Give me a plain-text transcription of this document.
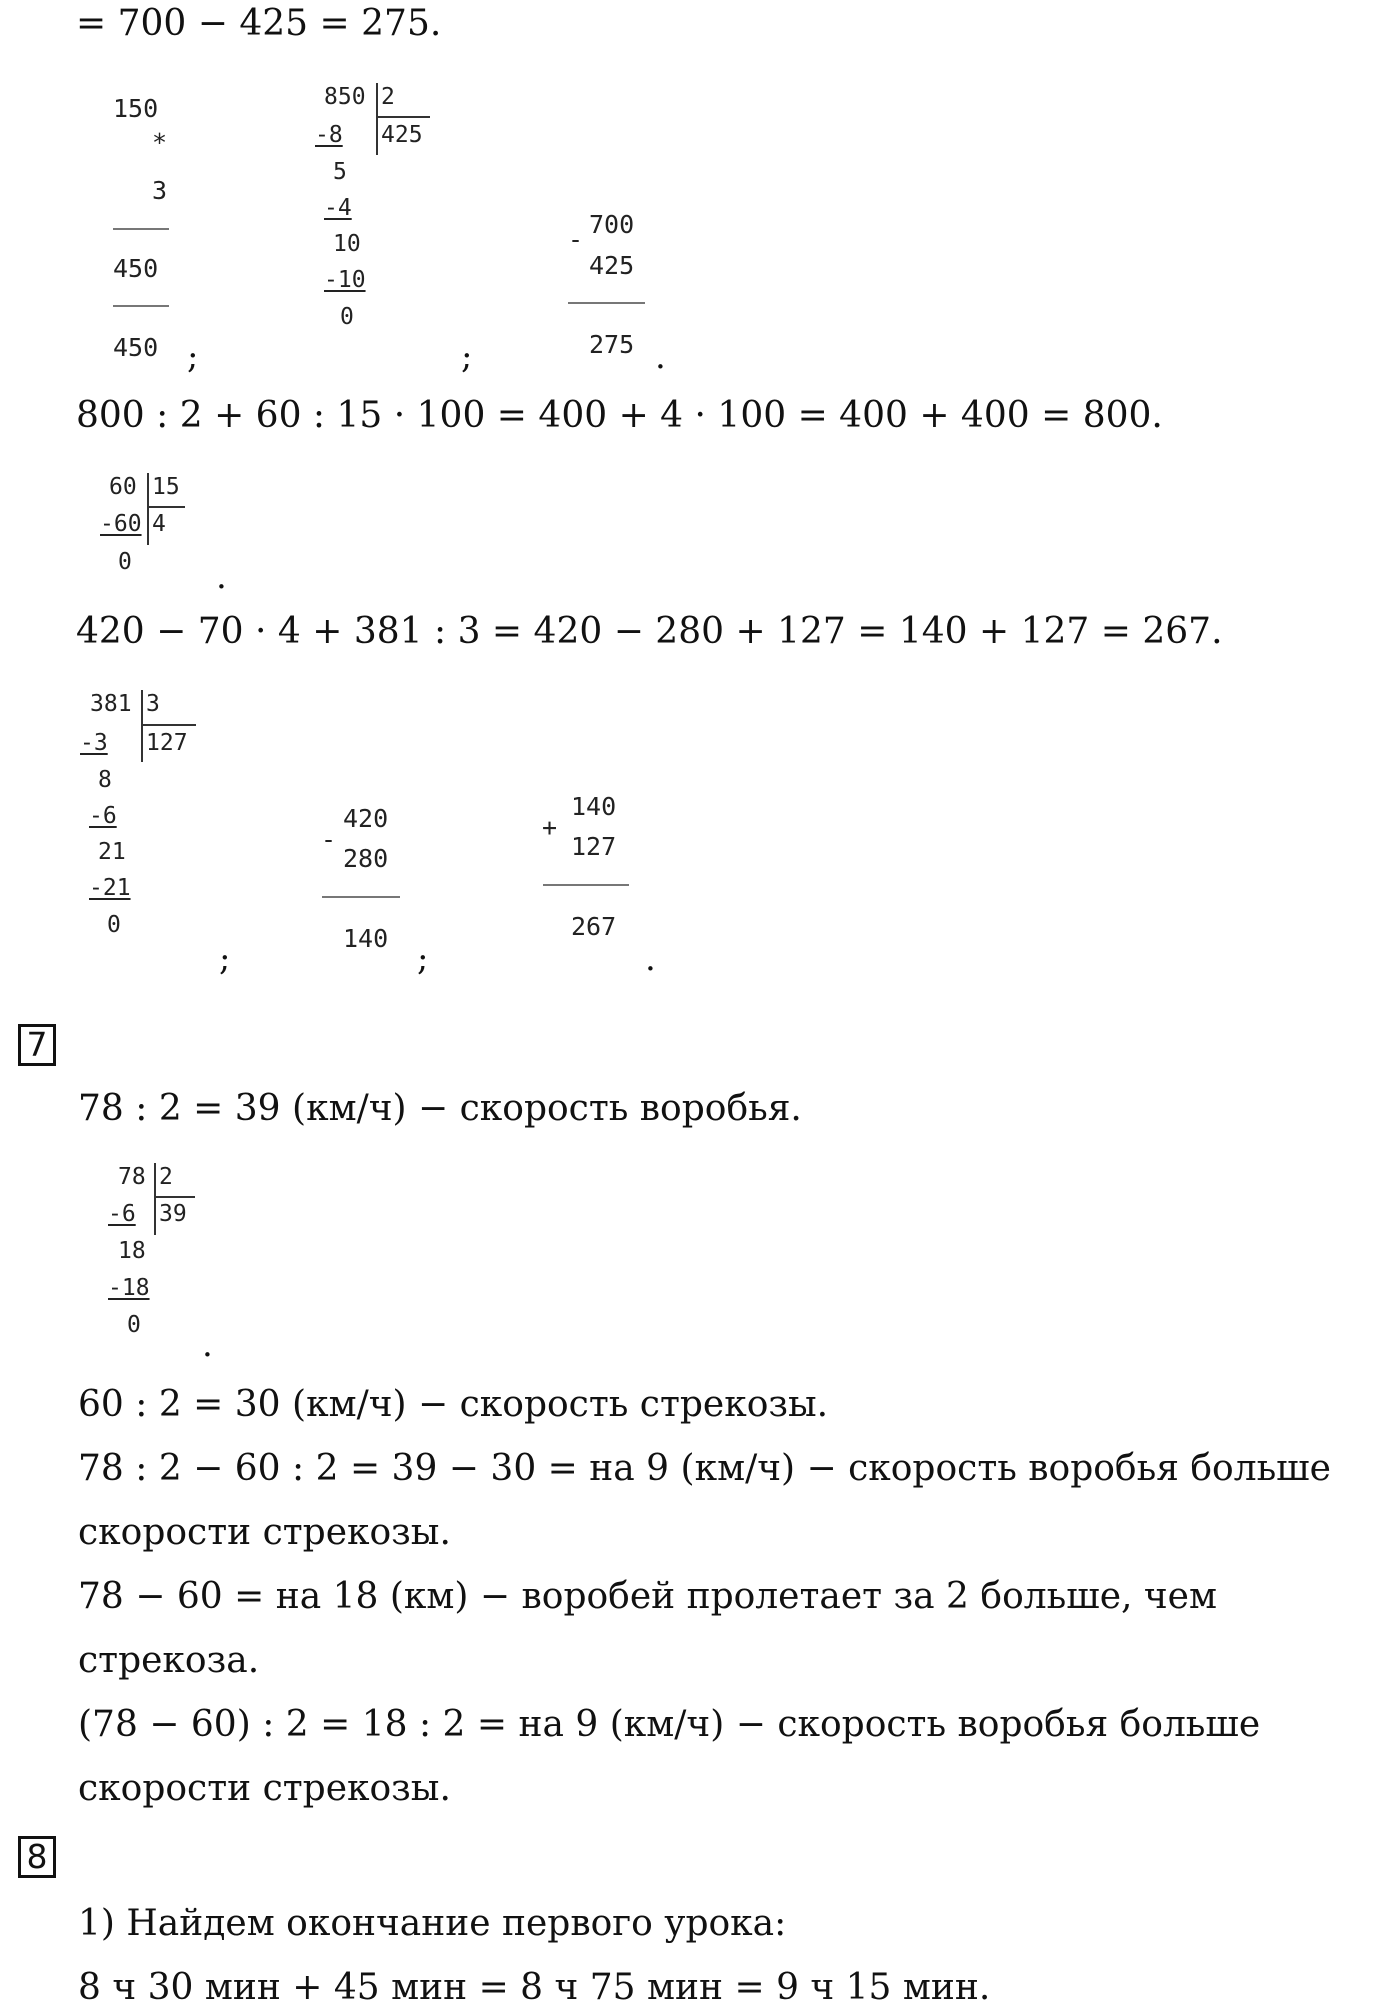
= 700 − 425 = 275.
150
*
3
450
450 ;
850 2
425
-8
5
-4
10
-10
0
;
-
700
425
275 .
800 : 2 + 60 : 15 · 100 = 400 + 4 · 100 = 400 + 400 = 800.
60 15
-60 4
0 .
420 − 70 · 4 + 381 : 3 = 420 − 280 + 127 = 140 + 127 = 267.
381 3
127
-3
8
-6
21
-21
0
;
-
420
280
140
;
+
140
127
267
.
7
78 : 2 = 39 (км/ч) − скорость воробья.
78 2
-6 39
18
-18
0 .
60 : 2 = 30 (км/ч) − скорость стрекозы.
78 : 2 − 60 : 2 = 39 − 30 = на 9 (км/ч) − скорость воробья больше
скорости стрекозы.
78 − 60 = на 18 (км) − воробей пролетает за 2 больше, чем
стрекоза.
(78 − 60) : 2 = 18 : 2 = на 9 (км/ч) − скорость воробья больше
скорости стрекозы.
8
1) Найдем окончание первого урока:
8 ч 30 мин + 45 мин = 8 ч 75 мин = 9 ч 15 мин.
